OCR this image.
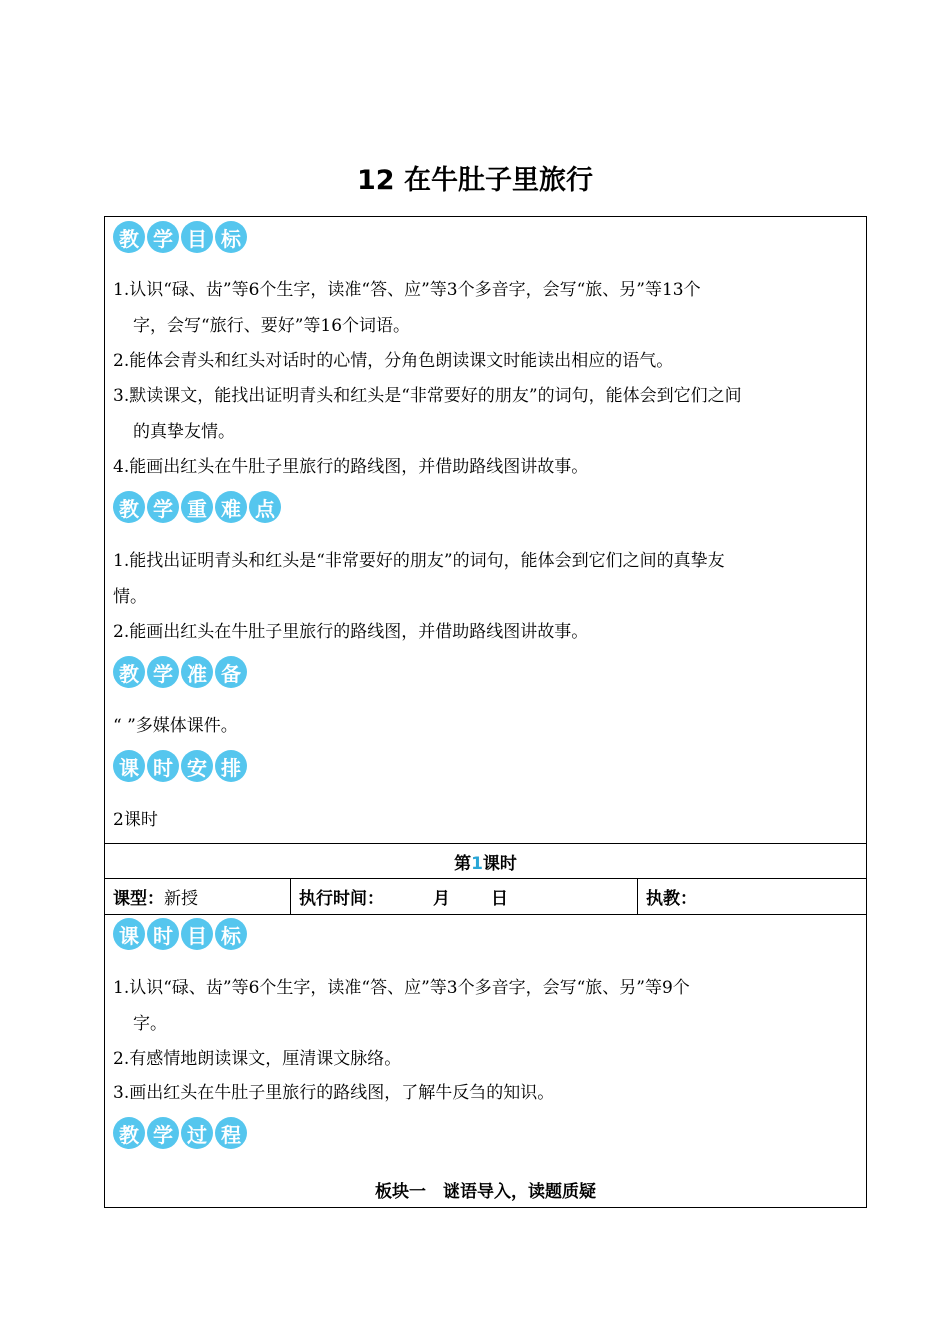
12 在牛肚子里旅行
教 学 目 标
1.认识“碌、齿”等6个生字，读准“答、应”等3个多音字，会写“旅、另”等13个
字，会写“旅行、要好”等16个词语。
2.能体会青头和红头对话时的心情，分角色朗读课文时能读出相应的语气。
3.默读课文，能找出证明青头和红头是“非常要好的朋友”的词句，能体会到它们之间
的真挚友情。
4.能画出红头在牛肚子里旅行的路线图，并借助路线图讲故事。
教 学 重 难 点
1.能找出证明青头和红头是“非常要好的朋友”的词句，能体会到它们之间的真挚友
情。
2.能画出红头在牛肚子里旅行的路线图，并借助路线图讲故事。
教 学 准 备
“ ”多媒体课件。
课 时 安 排
2课时
第1课时
课型：新授	执行时间：	月 日	执教：
课 时 目 标
1.认识“碌、齿”等6个生字，读准“答、应”等3个多音字，会写“旅、另”等9个
字。
2.有感情地朗读课文，厘清课文脉络。
3.画出红头在牛肚子里旅行的路线图，了解牛反刍的知识。
教 学 过 程
板块一　谜语导入，读题质疑
